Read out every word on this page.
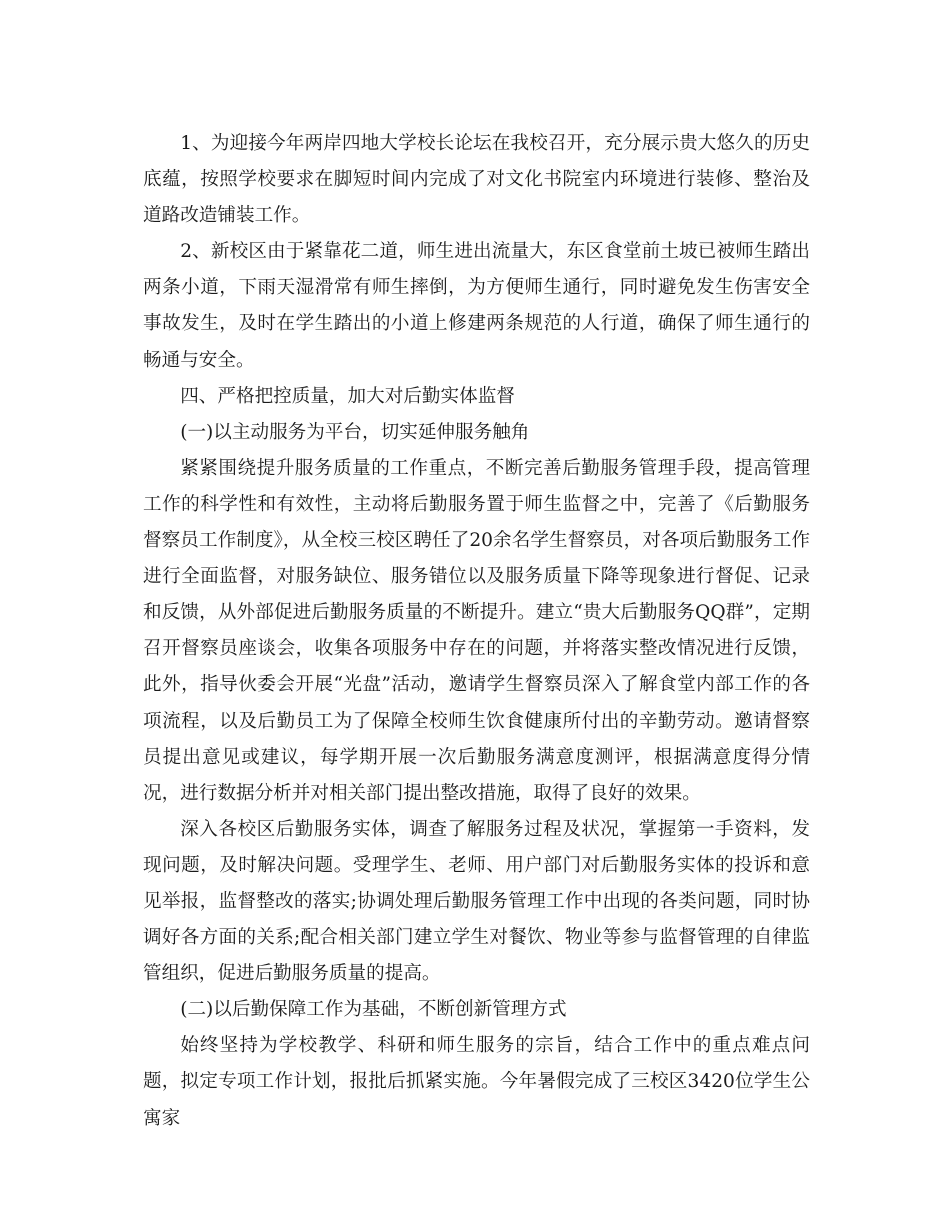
1、为迎接今年两岸四地大学校长论坛在我校召开，充分展示贵大悠久的历史底蕴，按照学校要求在脚短时间内完成了对文化书院室内环境进行装修、整治及道路改造铺装工作。

2、新校区由于紧靠花二道，师生进出流量大，东区食堂前土坡已被师生踏出两条小道，下雨天湿滑常有师生摔倒，为方便师生通行，同时避免发生伤害安全事故发生，及时在学生踏出的小道上修建两条规范的人行道，确保了师生通行的畅通与安全。

四、严格把控质量，加大对后勤实体监督

(一)以主动服务为平台，切实延伸服务触角

紧紧围绕提升服务质量的工作重点，不断完善后勤服务管理手段，提高管理工作的科学性和有效性，主动将后勤服务置于师生监督之中，完善了《后勤服务督察员工作制度》，从全校三校区聘任了20余名学生督察员，对各项后勤服务工作进行全面监督，对服务缺位、服务错位以及服务质量下降等现象进行督促、记录和反馈，从外部促进后勤服务质量的不断提升。建立“贵大后勤服务QQ群”，定期召开督察员座谈会，收集各项服务中存在的问题，并将落实整改情况进行反馈，此外，指导伙委会开展“光盘”活动，邀请学生督察员深入了解食堂内部工作的各项流程，以及后勤员工为了保障全校师生饮食健康所付出的辛勤劳动。邀请督察员提出意见或建议，每学期开展一次后勤服务满意度测评，根据满意度得分情况，进行数据分析并对相关部门提出整改措施，取得了良好的效果。

深入各校区后勤服务实体，调查了解服务过程及状况，掌握第一手资料，发现问题，及时解决问题。受理学生、老师、用户部门对后勤服务实体的投诉和意见举报，监督整改的落实;协调处理后勤服务管理工作中出现的各类问题，同时协调好各方面的关系;配合相关部门建立学生对餐饮、物业等参与监督管理的自律监管组织，促进后勤服务质量的提高。

(二)以后勤保障工作为基础，不断创新管理方式

始终坚持为学校教学、科研和师生服务的宗旨，结合工作中的重点难点问题，拟定专项工作计划，报批后抓紧实施。今年暑假完成了三校区3420位学生公寓家
